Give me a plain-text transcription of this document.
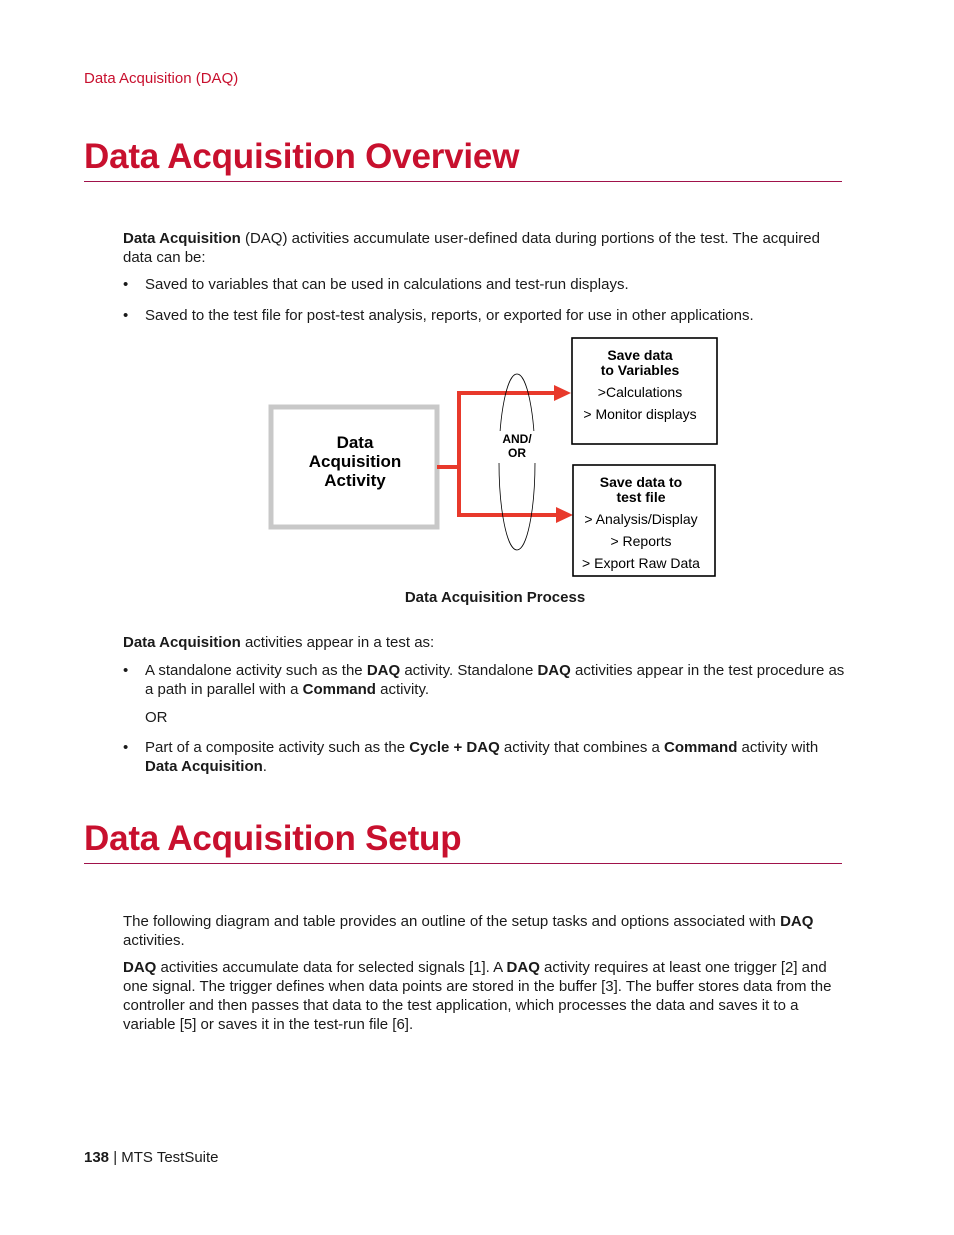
Data Acquisition (DAQ)
Data Acquisition Overview

Data Acquisition (DAQ) activities accumulate user-defined data during portions of the test. The acquired data can be:

• Saved to variables that can be used in calculations and test-run displays.
• Saved to the test file for post-test analysis, reports, or exported for use in other applications.
Data
Acquisition
Activity
AND/
OR
Save data
to Variables
>Calculations
> Monitor displays
Save data to
test file
> Analysis/Display
> Reports
> Export Raw Data
Data Acquisition Process

Data Acquisition activities appear in a test as:

• A standalone activity such as the DAQ activity. Standalone DAQ activities appear in the test procedure as a path in parallel with a Command activity.
OR
• Part of a composite activity such as the Cycle + DAQ activity that combines a Command activity with Data Acquisition.
Data Acquisition Setup

The following diagram and table provides an outline of the setup tasks and options associated with DAQ activities.

DAQ activities accumulate data for selected signals [1]. A DAQ activity requires at least one trigger [2] and one signal. The trigger defines when data points are stored in the buffer [3]. The buffer stores data from the controller and then passes that data to the test application, which processes the data and saves it to a variable [5] or saves it in the test-run file [6].

138 | MTS TestSuite
